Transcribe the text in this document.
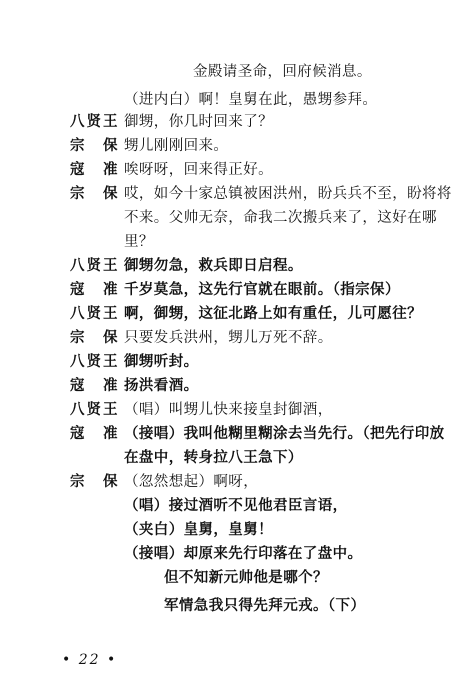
金殿请圣命，回府候消息。
（进内白）啊！皇舅在此，愚甥参拜。
八贤王 御甥，你几时回来了？
宗　保 甥儿刚刚回来。
寇　准 唉呀呀，回来得正好。
宗　保 哎，如今十家总镇被困洪州，盼兵兵不至，盼将将
不来。父帅无奈，命我二次搬兵来了，这好在哪
里？
八贤王 御甥勿急，救兵即日启程。
寇　准 千岁莫急，这先行官就在眼前。（指宗保）
八贤王 啊，御甥，这征北路上如有重任，儿可愿往？
宗　保 只要发兵洪州，甥儿万死不辞。
八贤王 御甥听封。
寇　准 扬洪看酒。
八贤王 （唱）叫甥儿快来接皇封御酒，
寇　准 （接唱）我叫他糊里糊涂去当先行。（把先行印放
在盘中，转身拉八王急下）
宗　保 （忽然想起）啊呀，
（唱）接过酒听不见他君臣言语，
（夹白）皇舅，皇舅！
（接唱）却原来先行印落在了盘中。
但不知新元帅他是哪个？
军情急我只得先拜元戎。（下）
• 22 •
